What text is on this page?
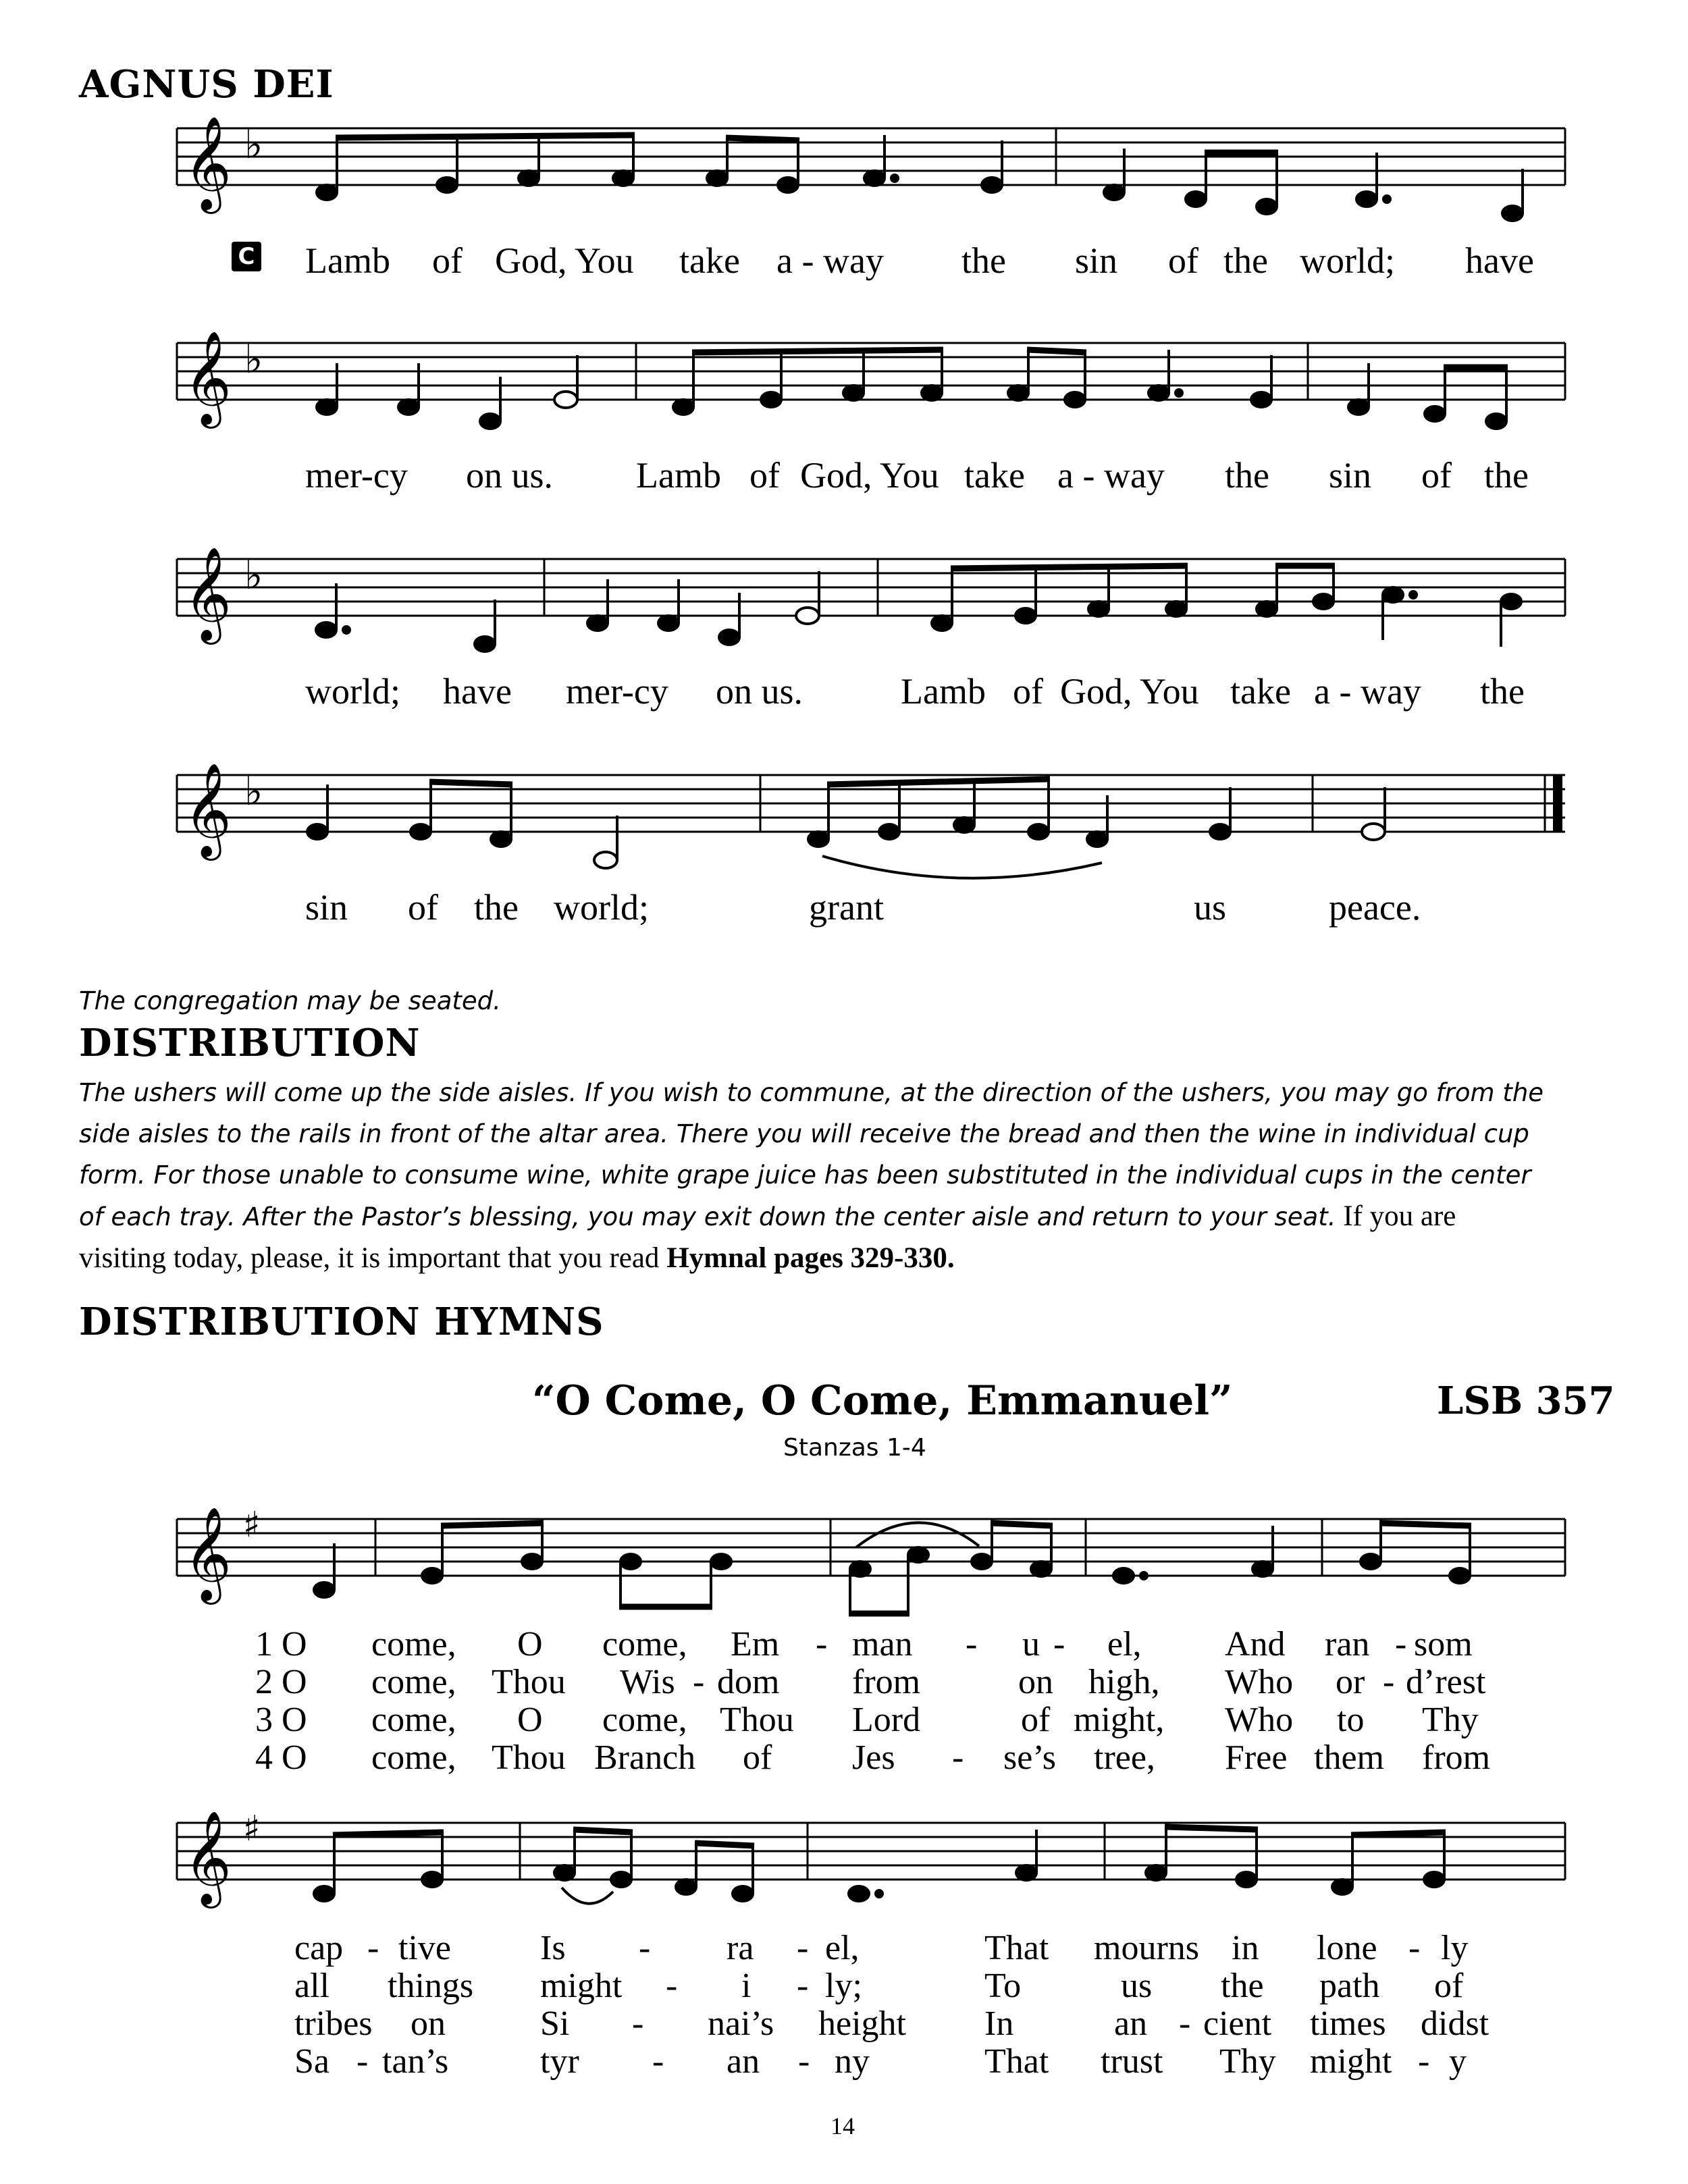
AGNUS DEI
𝄞 ♭
C Lamb of God, You take a - way the sin of the world; have
𝄞 ♭
mer-cy on us. Lamb of God, You take a - way the sin of the
𝄞 ♭
world; have mer-cy on us.	Lamb of God, You take a - way the
𝄞 ♭
sin of the world;	grant	us	peace.
The congregation may be seated.
DISTRIBUTION
The ushers will come up the side aisles. If you wish to commune, at the direction of the ushers, you may go from the
side aisles to the rails in front of the altar area. There you will receive the bread and then the wine in individual cup
form. For those unable to consume wine, white grape juice has been substituted in the individual cups in the center
of each tray. After the Pastor’s blessing, you may exit down the center aisle and return to your seat. If you are
visiting today, please, it is important that you read Hymnal pages 329-330.
DISTRIBUTION HYMNS
“O Come, O Come, Emmanuel”	LSB 357
Stanzas 1-4
𝄞 ♯
1 O come, O come, Em - man - u - el, And ran - som
2 O come, Thou Wis - dom from	on high, Who or - d’rest
3 O come, O come, Thou Lord	of might, Who to Thy
4 O come, Thou Branch of Jes - se’s tree, Free them from
𝄞 ♯
cap - tive	Is - ra - el,	That mourns in lone - ly
all things might - i - ly;	To	us the path of
tribes on	Si - nai’s height In	an - cient times didst
Sa - tan’s	tyr - an - ny	That trust Thy might - y
14
